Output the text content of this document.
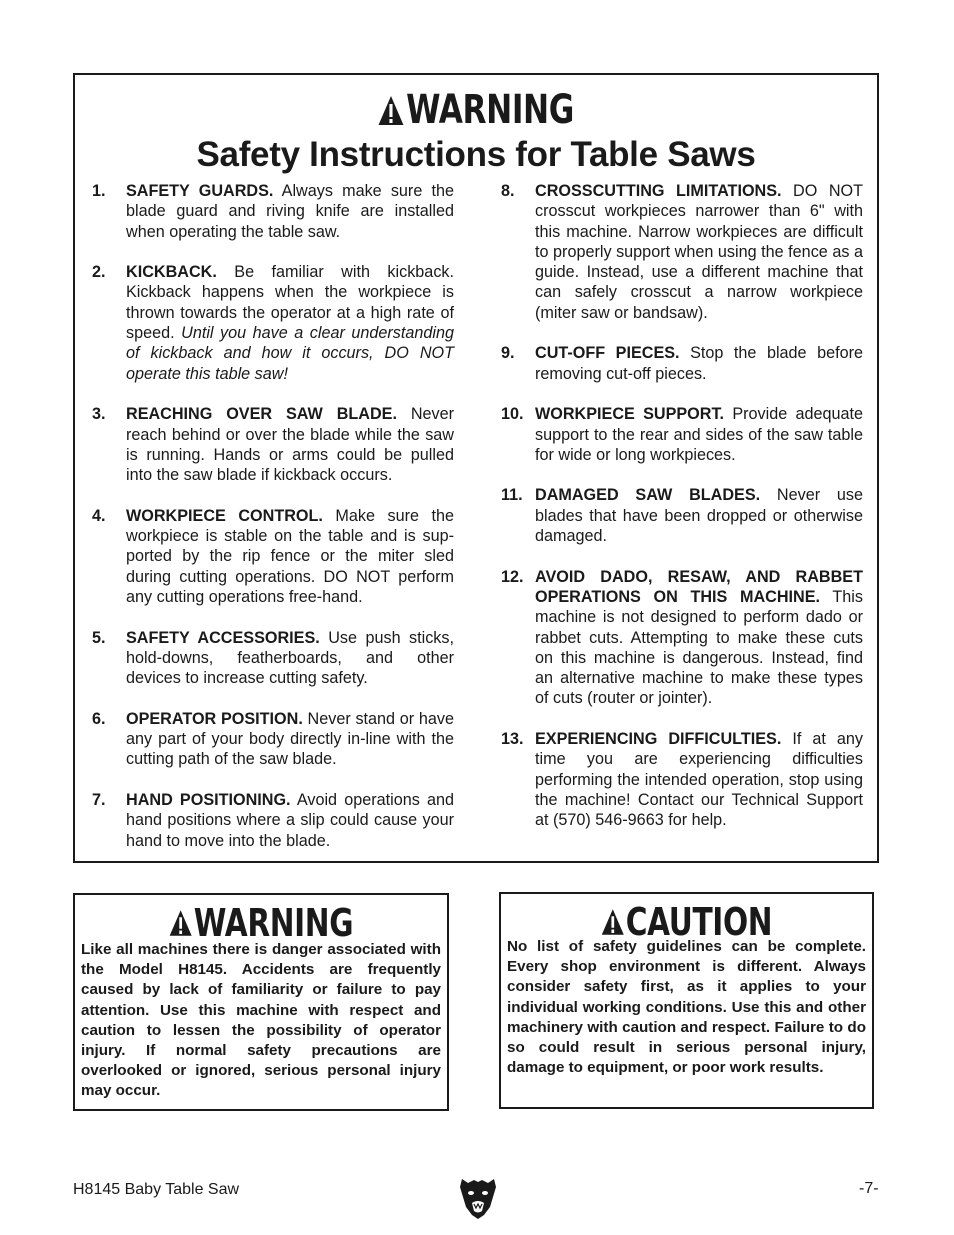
WARNING
Safety Instructions for Table Saws
1.	SAFETY GUARDS. Always make sure the blade guard and riving knife are installed when operating the table saw.
2.	KICKBACK. Be familiar with kickback. Kickback happens when the workpiece is thrown towards the operator at a high rate of speed. Until you have a clear understanding of kickback and how it occurs, DO NOT operate this table saw!
3.	REACHING OVER SAW BLADE. Never reach behind or over the blade while the saw is running. Hands or arms could be pulled into the saw blade if kickback occurs.
4.	WORKPIECE CONTROL. Make sure the workpiece is stable on the table and is supported by the rip fence or the miter sled during cutting operations. DO NOT perform any cutting operations free-hand.
5.	SAFETY ACCESSORIES. Use push sticks, hold-downs, featherboards, and other devices to increase cutting safety.
6.	OPERATOR POSITION. Never stand or have any part of your body directly in-line with the cutting path of the saw blade.
7.	HAND POSITIONING. Avoid operations and hand positions where a slip could cause your hand to move into the blade.
8.	CROSSCUTTING LIMITATIONS. DO NOT crosscut workpieces narrower than 6" with this machine. Narrow workpieces are difficult to properly support when using the fence as a guide. Instead, use a different machine that can safely crosscut a narrow workpiece (miter saw or bandsaw).
9.	CUT-OFF PIECES. Stop the blade before removing cut-off pieces.
10. WORKPIECE SUPPORT. Provide adequate support to the rear and sides of the saw table for wide or long workpieces.
11. DAMAGED SAW BLADES. Never use blades that have been dropped or otherwise damaged.
12. AVOID DADO, RESAW, AND RABBET OPERATIONS ON THIS MACHINE. This machine is not designed to perform dado or rabbet cuts. Attempting to make these cuts on this machine is dangerous. Instead, find an alternative machine to make these types of cuts (router or jointer).
13. EXPERIENCING DIFFICULTIES. If at any time you are experiencing difficulties performing the intended operation, stop using the machine! Contact our Technical Support at (570) 546-9663 for help.
WARNING
Like all machines there is danger associated with the Model H8145. Accidents are frequently caused by lack of familiarity or failure to pay attention. Use this machine with respect and caution to lessen the possibility of operator injury. If normal safety precautions are overlooked or ignored, serious personal injury may occur.
CAUTION
No list of safety guidelines can be complete. Every shop environment is different. Always consider safety first, as it applies to your individual working conditions. Use this and other machinery with caution and respect. Failure to do so could result in serious personal injury, damage to equipment, or poor work results.
H8145 Baby Table Saw	-7-
